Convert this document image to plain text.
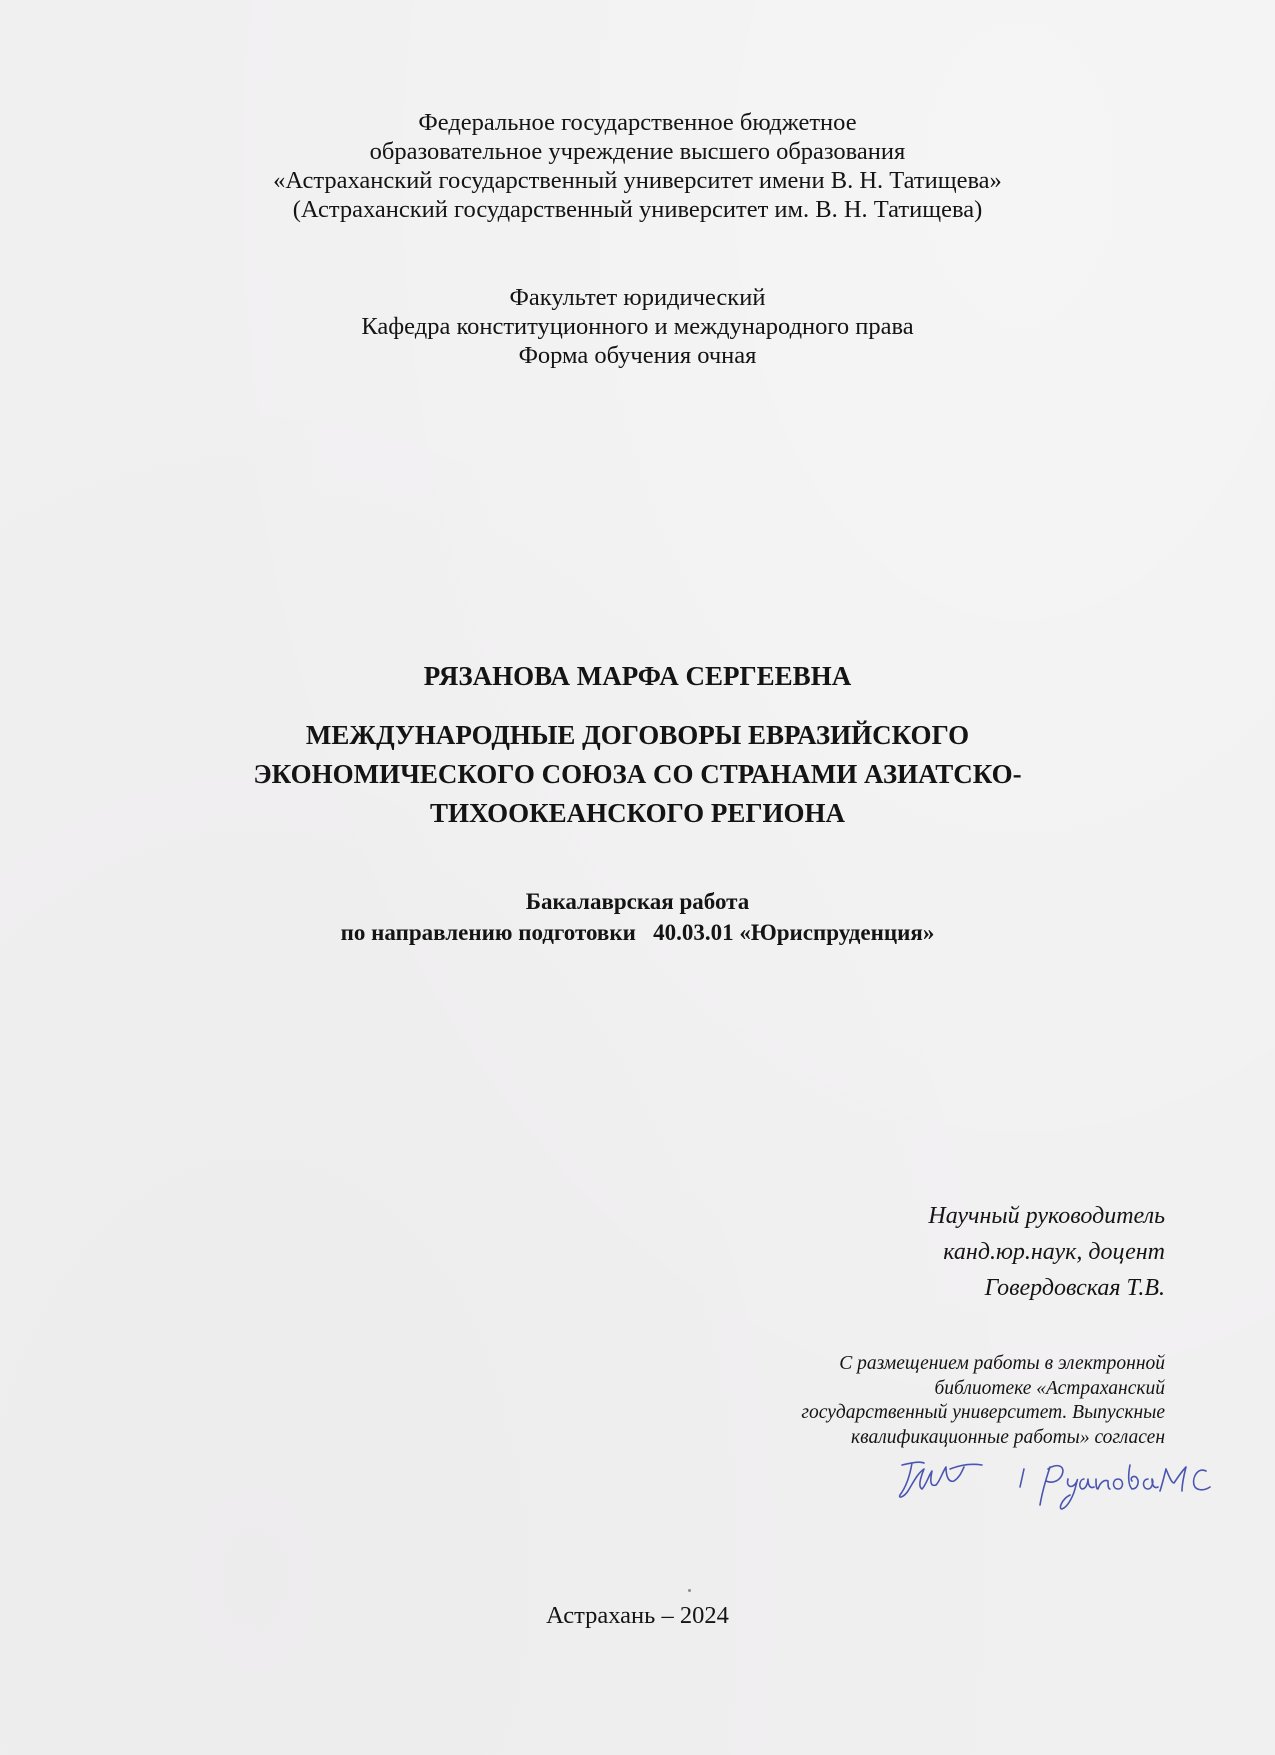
Федеральное государственное бюджетное
образовательное учреждение высшего образования
«Астраханский государственный университет имени В. Н. Татищева»
(Астраханский государственный университет им. В. Н. Татищева)
Факультет юридический
Кафедра конституционного и международного права
Форма обучения очная
РЯЗАНОВА МАРФА СЕРГЕЕВНА
МЕЖДУНАРОДНЫЕ ДОГОВОРЫ ЕВРАЗИЙСКОГО
ЭКОНОМИЧЕСКОГО СОЮЗА СО СТРАНАМИ АЗИАТСКО-
ТИХООКЕАНСКОГО РЕГИОНА
Бакалаврская работа
по направлению подготовки   40.03.01 «Юриспруденция»
Научный руководитель
канд.юр.наук, доцент
Говердовская Т.В.
С размещением работы в электронной
библиотеке «Астраханский
государственный университет. Выпускные
квалификационные работы» согласен
Астрахань – 2024
